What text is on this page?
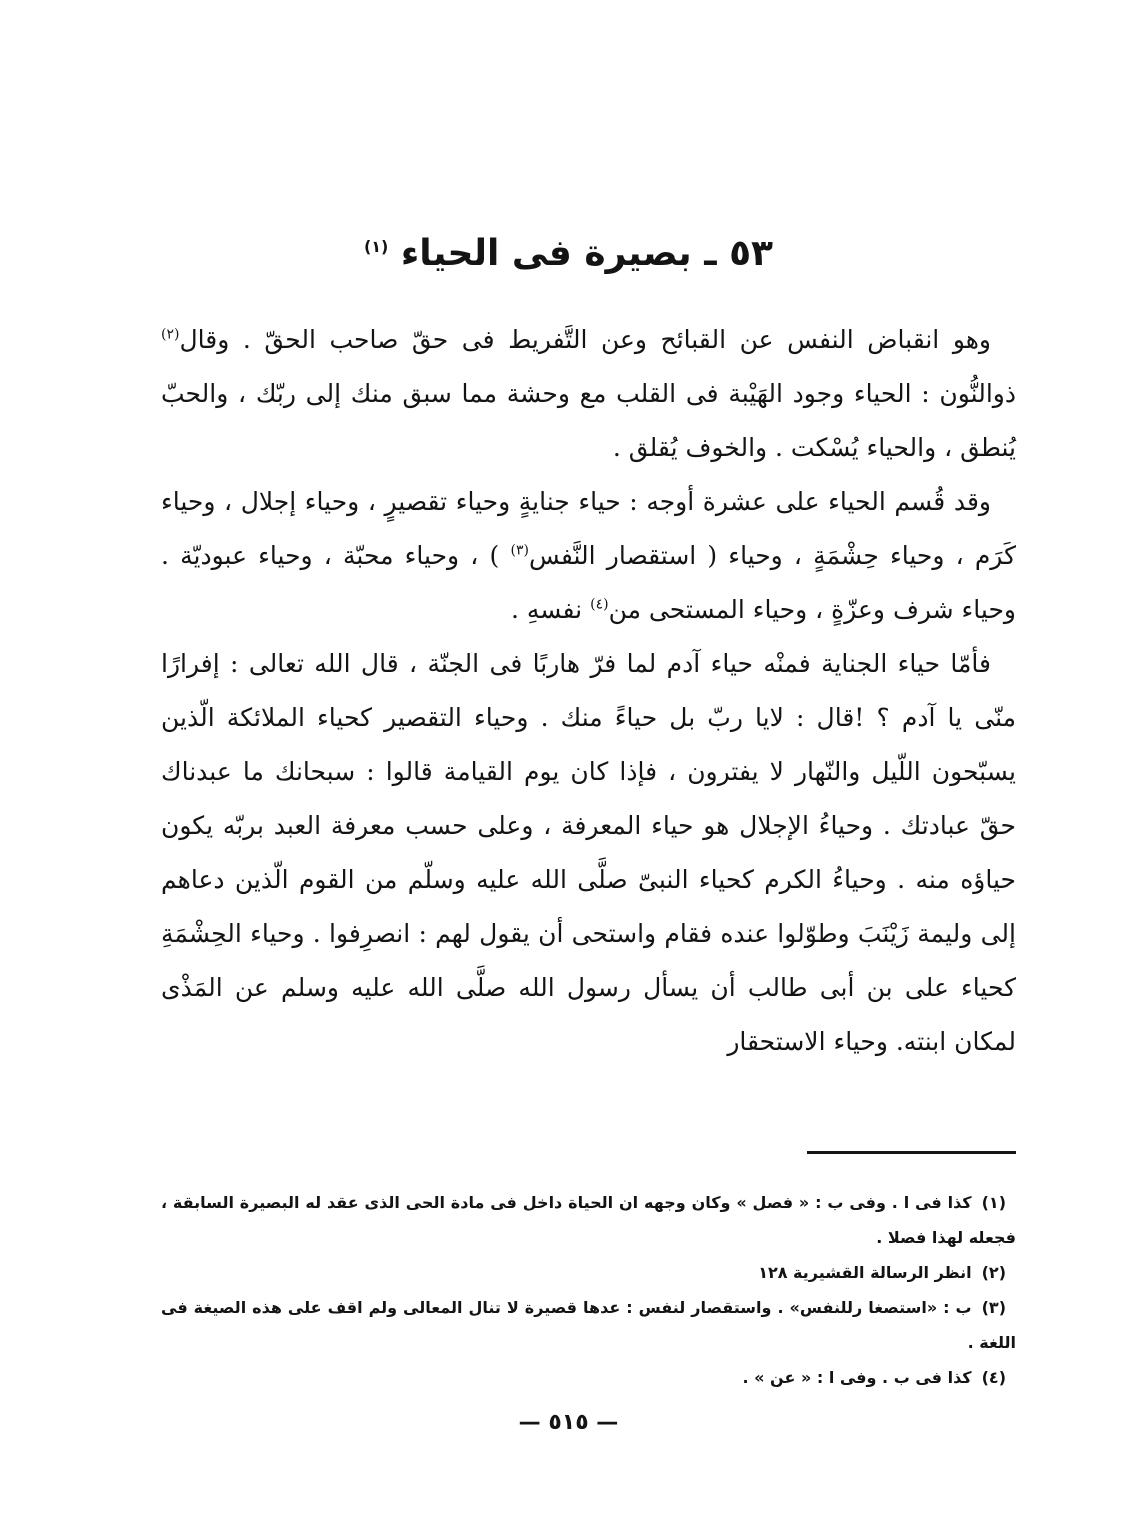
٥٣ ـ بصيرة فى الحياء $^{(١)}$

وهو انقباض النفس عن القبائح وعن التَّفريط فى حقّ صاحب الحقّ . وقال$^{(٢)}$ ذوالنُّون : الحياء وجود الهَيْبة فى القلب مع وحشة مما سبق منك إلى ربّك ، والحبّ يُنطق ، والحياء يُسْكت . والخوف يُقلق .

وقد قُسم الحياء على عشرة أوجه : حياء جنايةٍ وحياء تقصيرٍ ، وحياء إجلال ، وحياء كَرَم ، وحياء حِشْمَةٍ ، وحياء ( استقصار النَّفس$^{(٣)}$ ) ، وحياء محبّة ، وحياء عبوديّة . وحياء شرف وعزّةٍ ، وحياء المستحى من$^{(٤)}$ نفسهِ .

فأمّا حياء الجناية فمنْه حياء آدم لما فرّ هاربًا فى الجنّة ، قال الله تعالى : إفرارًا منّى يا آدم ؟ !قال : لايا ربّ بل حياءً منك . وحياء التقصير كحياء الملائكة الّذين يسبّحون اللّيل والنّهار لا يفترون ، فإذا كان يوم القيامة قالوا : سبحانك ما عبدناك حقّ عبادتك . وحياءُ الإجلال هو حياء المعرفة ، وعلى حسب معرفة العبد بربّه يكون حياؤه منه . وحياءُ الكرم كحياء النبىّ صلَّى الله عليه وسلّم من القوم الّذين دعاهم إلى وليمة زَيْنَبَ وطوّلوا عنده فقام واستحى أن يقول لهم : انصرِفوا . وحياء الحِشْمَةِ كحياء على بن أبى طالب أن يسأل رسول الله صلَّى الله عليه وسلم عن المَذْى لمكان ابنته. وحياء الاستحقار

(١)كذا فى ا . وفى ب : « فصل » وكان وجهه ان الحياة داخل فى مادة الحى الذى عقد له البصيرة السابقة ، فجعله لهذا فصلا .

(٢)انظر الرسالة القشيرية ١٢٨

(٣)ب : «استصغا رللنفس» . واستقصار لنفس : عدها قصيرة لا تنال المعالى ولم اقف على هذه الصيغة فى اللغة .

(٤)كذا فى ب . وفى ا : « عن » .

— ٥١٥ —
